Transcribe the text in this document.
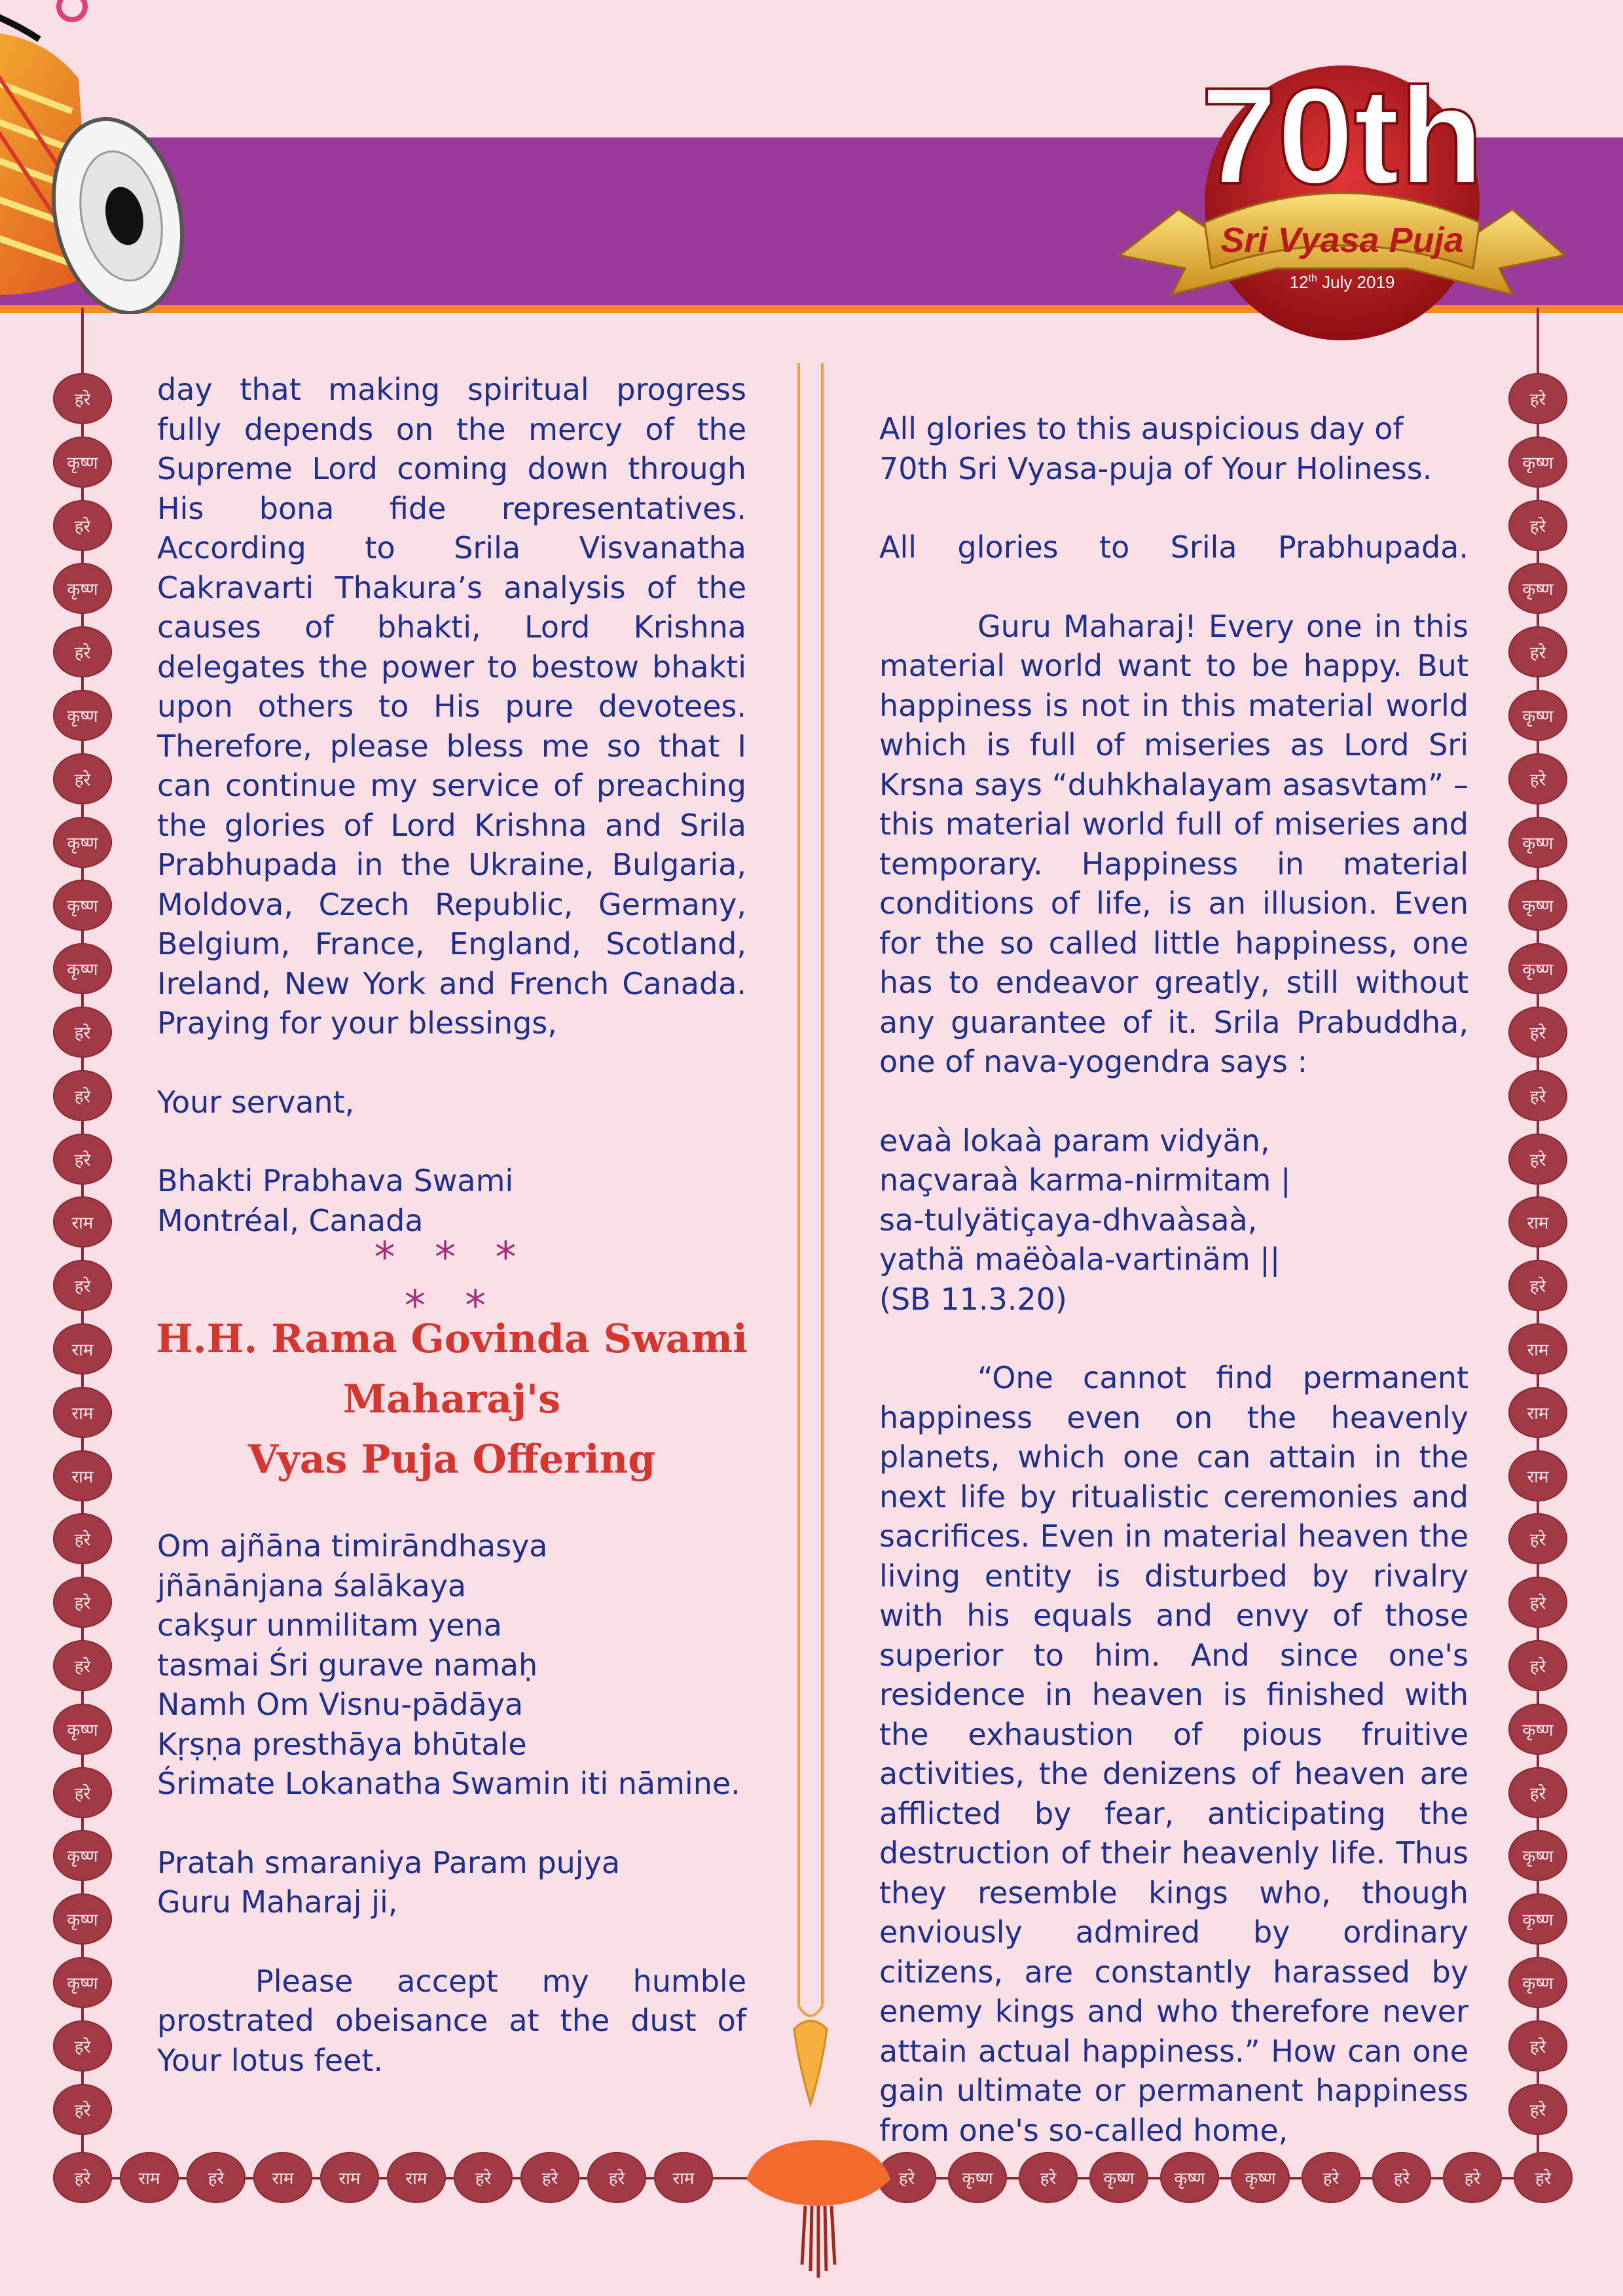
70th
Sri Vyasa Puja
12th July 2019
हरे
कृष्ण
हरे
कृष्ण
हरे
कृष्ण
हरे
कृष्ण
कृष्ण
कृष्ण
हरे
हरे
हरे
राम
हरे
राम
राम
राम
हरे
हरे
हरे
कृष्ण
हरे
कृष्ण
कृष्ण
कृष्ण
हरे
हरे
हरे
कृष्ण
हरे
कृष्ण
हरे
कृष्ण
हरे
कृष्ण
कृष्ण
कृष्ण
हरे
हरे
हरे
राम
हरे
राम
राम
राम
हरे
हरे
हरे
कृष्ण
हरे
कृष्ण
कृष्ण
कृष्ण
हरे
हरे
हरे	राम	हरे	राम	राम	राम	हरे	हरे	हरे	राम	हरे	कृष्ण	हरे	कृष्ण	कृष्ण	कृष्ण	हरे	हरे	हरे	हरे

day that making spiritual progress fully depends on the mercy of the Supreme Lord coming down through His bona fide representatives. According to Srila Visvanatha Cakravarti Thakura’s analysis of the causes of bhakti, Lord Krishna delegates the power to bestow bhakti upon others to His pure devotees. Therefore, please bless me so that I can continue my service of preaching the glories of Lord Krishna and Srila Prabhupada in the Ukraine, Bulgaria, Moldova, Czech Republic, Germany, Belgium, France, England, Scotland, Ireland, New York and French Canada. Praying for your blessings,

Your servant,

Bhakti Prabhava Swami

Montréal, Canada

* * * * *
H.H. Rama Govinda Swami
Maharaj's
Vyas Puja Offering

Om ajñāna timirāndhasya

jñānānjana śalākaya

cakşur unmilitam yena

tasmai Śri gurave namaḥ

Namh Om Visnu-pādāya

Kṛṣṇa presthāya bhūtale

Śrimate Lokanatha Swamin iti nāmine.

Pratah smaraniya Param pujya

Guru Maharaj ji,

Please accept my humble prostrated obeisance at the dust of Your lotus feet.

All glories to this auspicious day of 70th Sri Vyasa-puja of Your Holiness.

All glories to Srila Prabhupada.

Guru Maharaj! Every one in this material world want to be happy. But happiness is not in this material world which is full of miseries as Lord Sri Krsna says “duhkhalayam asasvtam” – this material world full of miseries and temporary. Happiness in material conditions of life, is an illusion. Even for the so called little happiness, one has to endeavor greatly, still without any guarantee of it. Srila Prabuddha, one of nava-yogendra says :

evaà lokaà param vidyän,

naçvaraà karma-nirmitam |

sa-tulyätiçaya-dhvaàsaà,

yathä maëòala-vartinäm ||

(SB 11.3.20)

“One cannot find permanent happiness even on the heavenly planets, which one can attain in the next life by ritualistic ceremonies and sacrifices. Even in material heaven the living entity is disturbed by rivalry with his equals and envy of those superior to him. And since one's residence in heaven is finished with the exhaustion of pious fruitive activities, the denizens of heaven are afflicted by fear, anticipating the destruction of their heavenly life. Thus they resemble kings who, though enviously admired by ordinary citizens, are constantly harassed by enemy kings and who therefore never attain actual happiness.” How can one gain ultimate or permanent happiness from one's so-called home,
